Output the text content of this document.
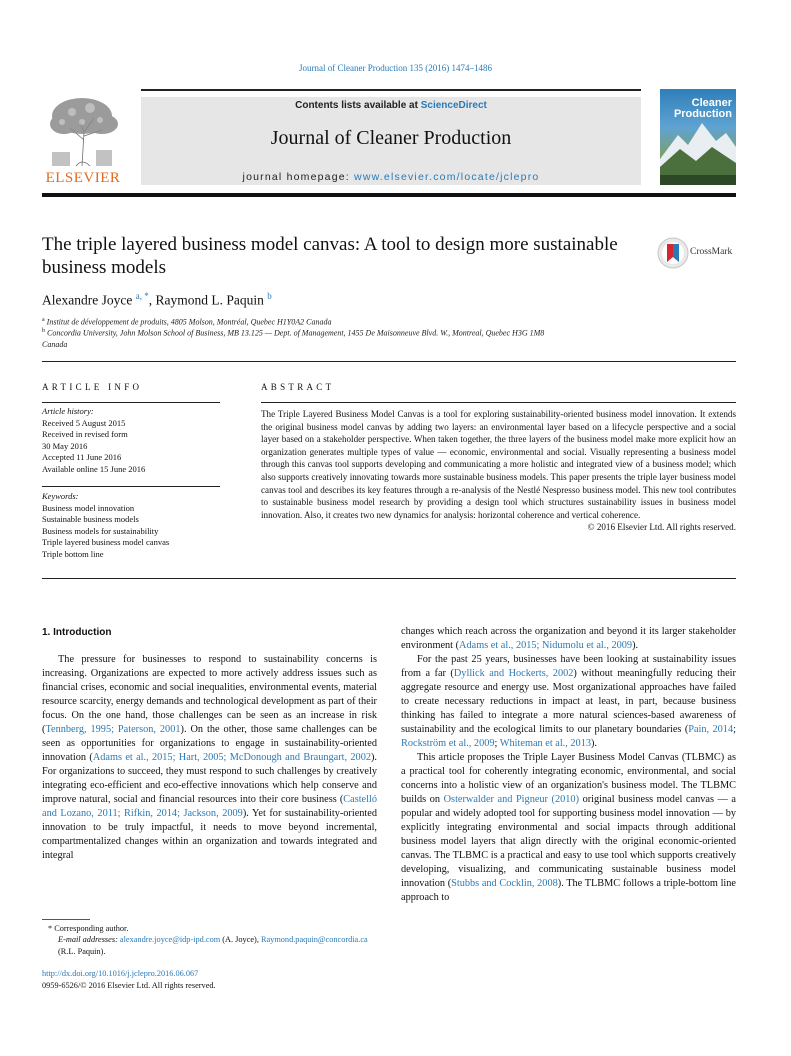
Journal of Cleaner Production 135 (2016) 1474–1486
ELSEVIER
Contents lists available at ScienceDirect
Journal of Cleaner Production
journal homepage: www.elsevier.com/locate/jclepro
Cleaner
Production
The triple layered business model canvas: A tool to design more sustainable business models
CrossMark
Alexandre Joyce $^{a, *}$, Raymond L. Paquin $^b$
$^a$ Institut de développement de produits, 4805 Molson, Montréal, Quebec H1Y0A2 Canada
$^b$ Concordia University, John Molson School of Business, MB 13.125 — Dept. of Management, 1455 De Maisonneuve Blvd. W., Montreal, Quebec H3G 1M8
Canada
ARTICLE INFO
Article history:
Received 5 August 2015
Received in revised form
30 May 2016
Accepted 11 June 2016
Available online 15 June 2016
Keywords:
Business model innovation
Sustainable business models
Business models for sustainability
Triple layered business model canvas
Triple bottom line
ABSTRACT
The Triple Layered Business Model Canvas is a tool for exploring sustainability-oriented business model innovation. It extends the original business model canvas by adding two layers: an environmental layer based on a lifecycle perspective and a social layer based on a stakeholder perspective. When taken together, the three layers of the business model make more explicit how an organization generates multiple types of value — economic, environmental and social. Visually representing a business model through this canvas tool supports developing and communicating a more holistic and integrated view of a business model; which also supports creatively innovating towards more sustainable business models. This paper presents the triple layer business model canvas tool and describes its key features through a re-analysis of the Nestlé Nespresso business model. This new tool contributes to sustainable business model research by providing a design tool which structures sustainability issues in business model innovation. Also, it creates two new dynamics for analysis: horizontal coherence and vertical coherence.
© 2016 Elsevier Ltd. All rights reserved.
1. Introduction

The pressure for businesses to respond to sustainability concerns is increasing. Organizations are expected to more actively address issues such as financial crises, economic and social inequalities, environmental events, material resource scarcity, energy demands and technological development as part of their focus. On the one hand, those challenges can be seen as an increase in risk (Tennberg, 1995; Paterson, 2001). On the other, those same challenges can be seen as opportunities for organizations to engage in sustainability-oriented innovation (Adams et al., 2015; Hart, 2005; McDonough and Braungart, 2002). For organizations to succeed, they must respond to such challenges by creatively integrating eco-efficient and eco-effective innovations which help conserve and improve natural, social and financial resources into their core business (Castelló and Lozano, 2011; Rifkin, 2014; Jackson, 2009). Yet for sustainability-oriented innovation to be truly impactful, it needs to move beyond incremental, compartmentalized changes within an organization and towards integrated and integral

changes which reach across the organization and beyond it its larger stakeholder environment (Adams et al., 2015; Nidumolu et al., 2009).

For the past 25 years, businesses have been looking at sustainability issues from a far (Dyllick and Hockerts, 2002) without meaningfully reducing their aggregate resource and energy use. Most organizational approaches have failed to create necessary reductions in impact at least, in part, because business thinking has failed to integrate a more natural sciences-based awareness of sustainability and the ecological limits to our planetary boundaries (Pain, 2014; Rockström et al., 2009; Whiteman et al., 2013).

This article proposes the Triple Layer Business Model Canvas (TLBMC) as a practical tool for coherently integrating economic, environmental, and social concerns into a holistic view of an organization's business model. The TLBMC builds on Osterwalder and Pigneur (2010) original business model canvas — a popular and widely adopted tool for supporting business model innovation — by explicitly integrating environmental and social impacts through additional business model layers that align directly with the original economic-oriented canvas. The TLBMC is a practical and easy to use tool which supports creatively developing, visualizing, and communicating sustainable business model innovation (Stubbs and Cocklin, 2008). The TLBMC follows a triple-bottom line approach to

* Corresponding author.
E-mail addresses: alexandre.joyce@idp-ipd.com (A. Joyce), Raymond.paquin@concordia.ca (R.L. Paquin).
http://dx.doi.org/10.1016/j.jclepro.2016.06.067
0959-6526/© 2016 Elsevier Ltd. All rights reserved.
